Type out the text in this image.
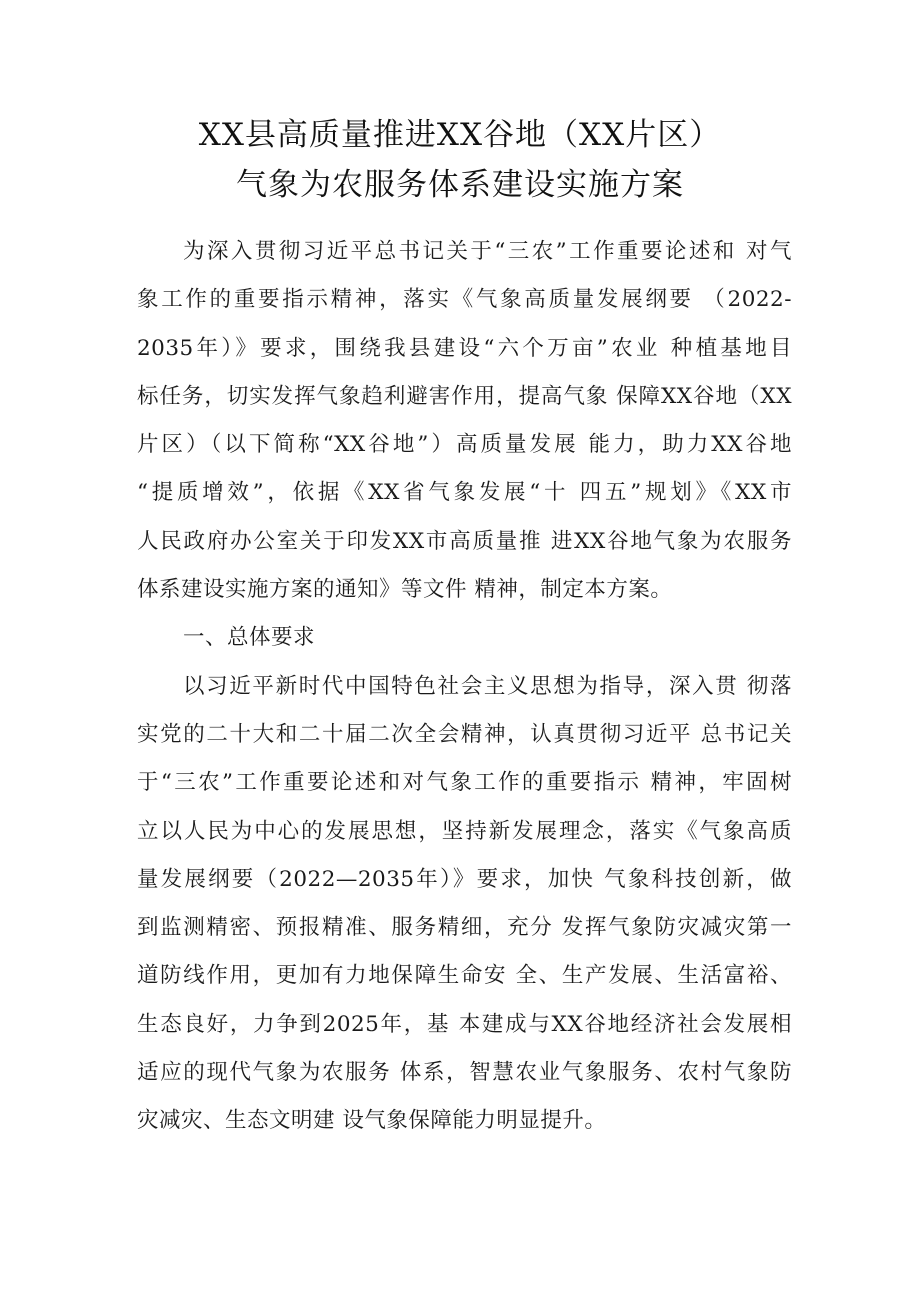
XX县高质量推进XX谷地（XX片区）
气象为农服务体系建设实施方案
为深入贯彻习近平总书记关于“三农”工作重要论述和 对气
象工作的重要指示精神，落实《气象高质量发展纲要 （2022-
2035年）》要求，围绕我县建设“六个万亩”农业 种植基地目
标任务，切实发挥气象趋利避害作用，提高气象 保障XX谷地（XX
片区）（以下简称“XX谷地”）高质量发展 能力，助力XX谷地
“提质增效”，依据《XX省气象发展“十 四五”规划》《XX市
人民政府办公室关于印发XX市高质量推 进XX谷地气象为农服务
体系建设实施方案的通知》等文件 精神，制定本方案。
一、总体要求
以习近平新时代中国特色社会主义思想为指导，深入贯 彻落
实党的二十大和二十届二次全会精神，认真贯彻习近平 总书记关
于“三农”工作重要论述和对气象工作的重要指示 精神，牢固树
立以人民为中心的发展思想，坚持新发展理念，落实《气象高质
量发展纲要（2022—2035年）》要求，加快 气象科技创新，做
到监测精密、预报精准、服务精细，充分 发挥气象防灾减灾第一
道防线作用，更加有力地保障生命安 全、生产发展、生活富裕、
生态良好，力争到2025年，基 本建成与XX谷地经济社会发展相
适应的现代气象为农服务 体系，智慧农业气象服务、农村气象防
灾减灾、生态文明建 设气象保障能力明显提升。
